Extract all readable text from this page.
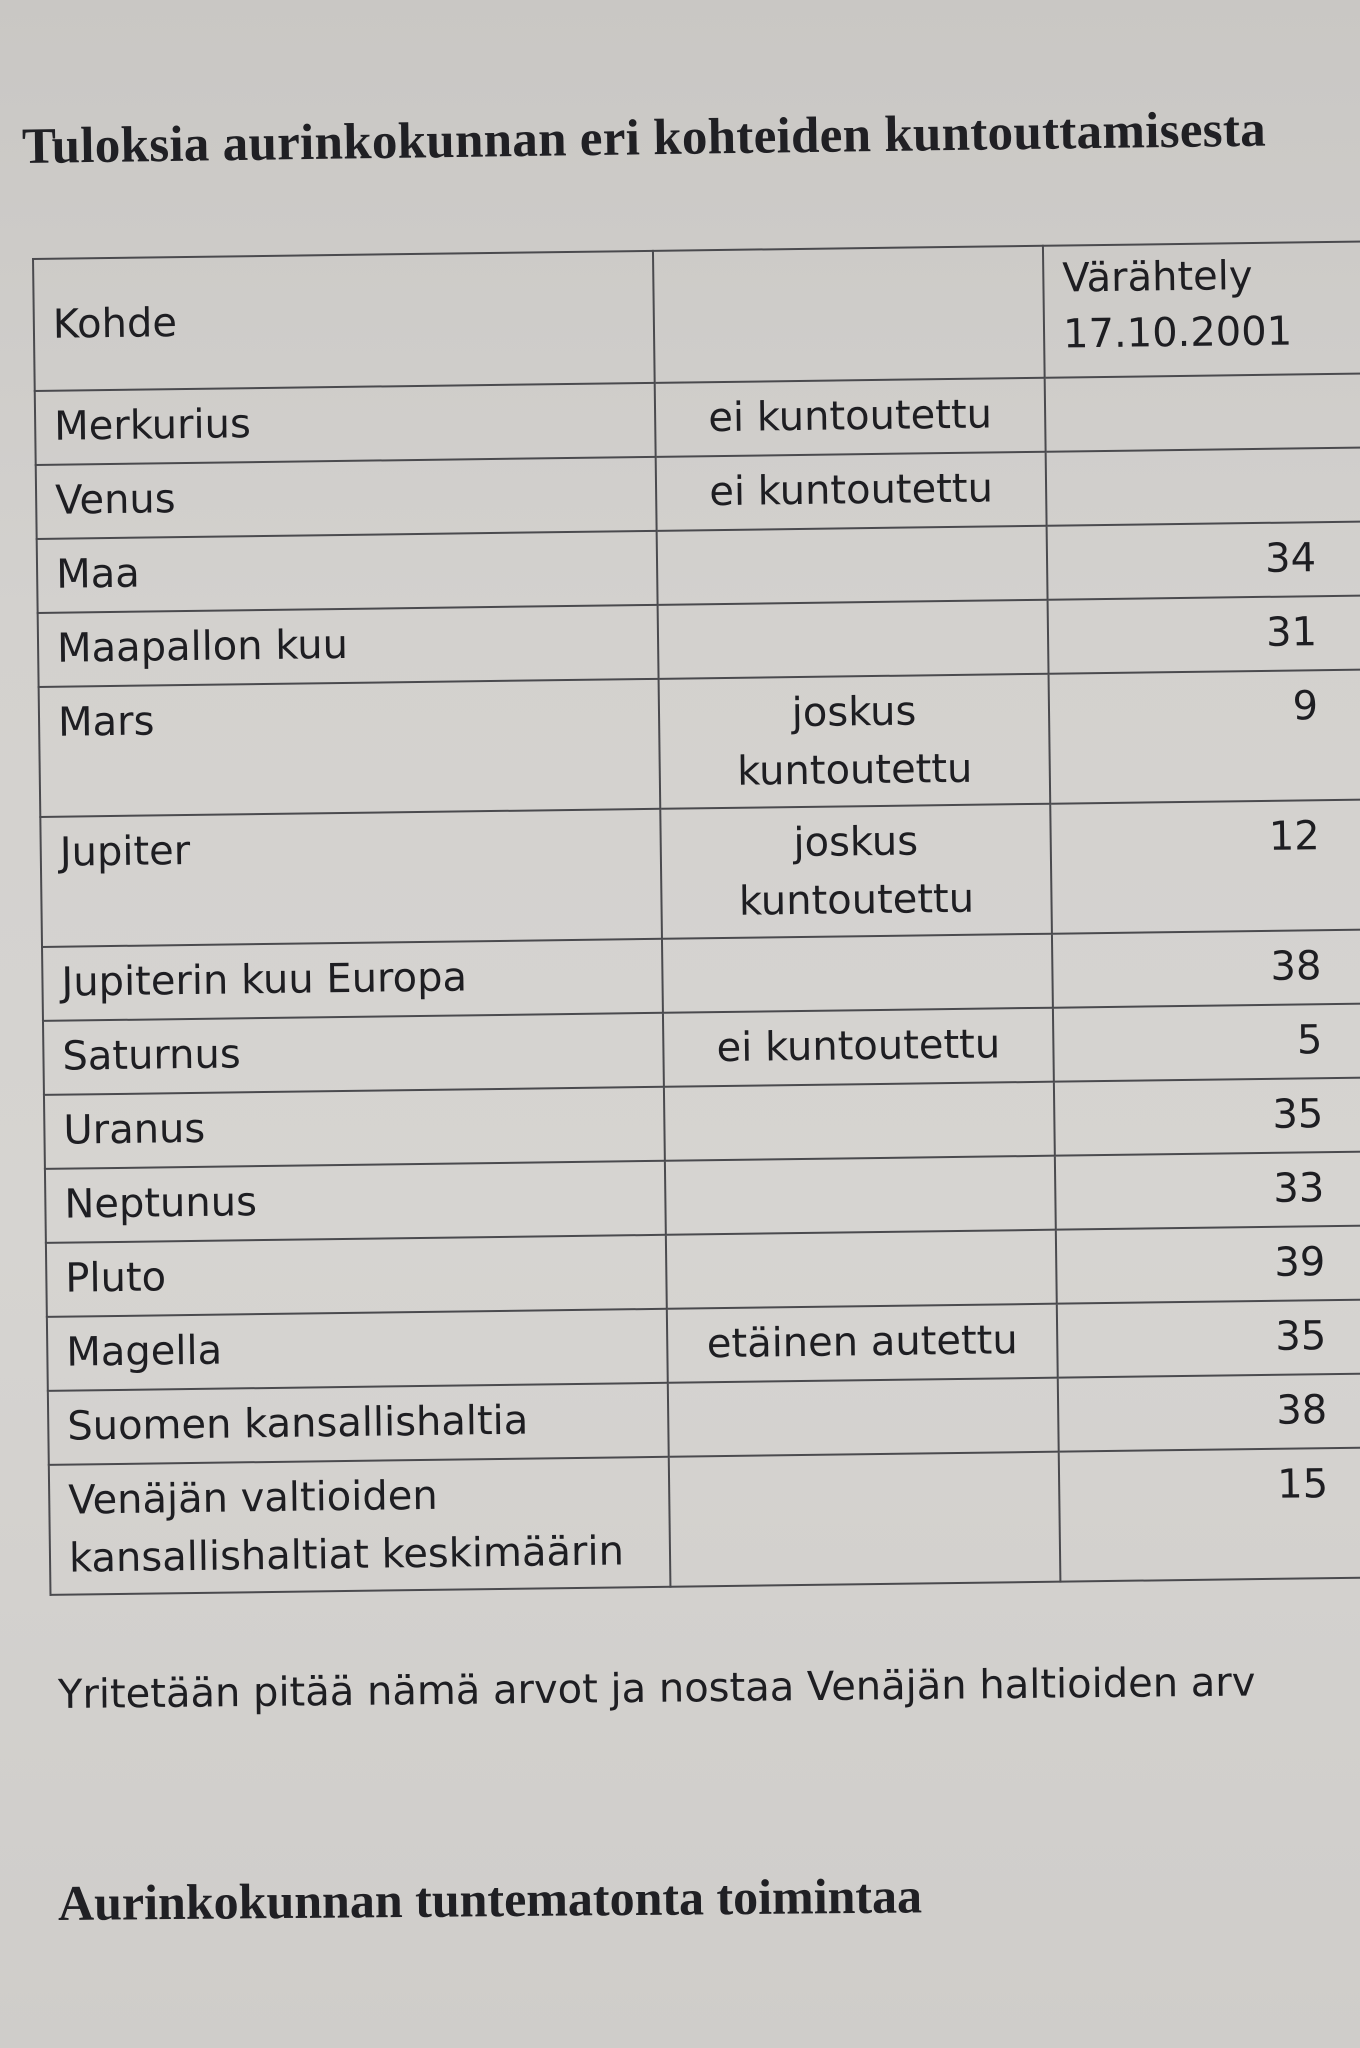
Tuloksia aurinkokunnan eri kohteiden kuntouttamisesta
Kohde		Värähtely
17.10.2001

Merkurius	ei kuntoutettu	
Venus	ei kuntoutettu	
Maa		34
Maapallon kuu		31
Mars	joskus kuntoutettu	9
Jupiter	joskus kuntoutettu	12
Jupiterin kuu Europa		38
Saturnus	ei kuntoutettu	5
Uranus		35
Neptunus		33
Pluto		39
Magella	etäinen autettu	35
Suomen kansallishaltia		38
Venäjän valtioiden kansallishaltiat keskimäärin		15
Yritetään pitää nämä arvot ja nostaa Venäjän haltioiden arv
Aurinkokunnan tuntematonta toimintaa
